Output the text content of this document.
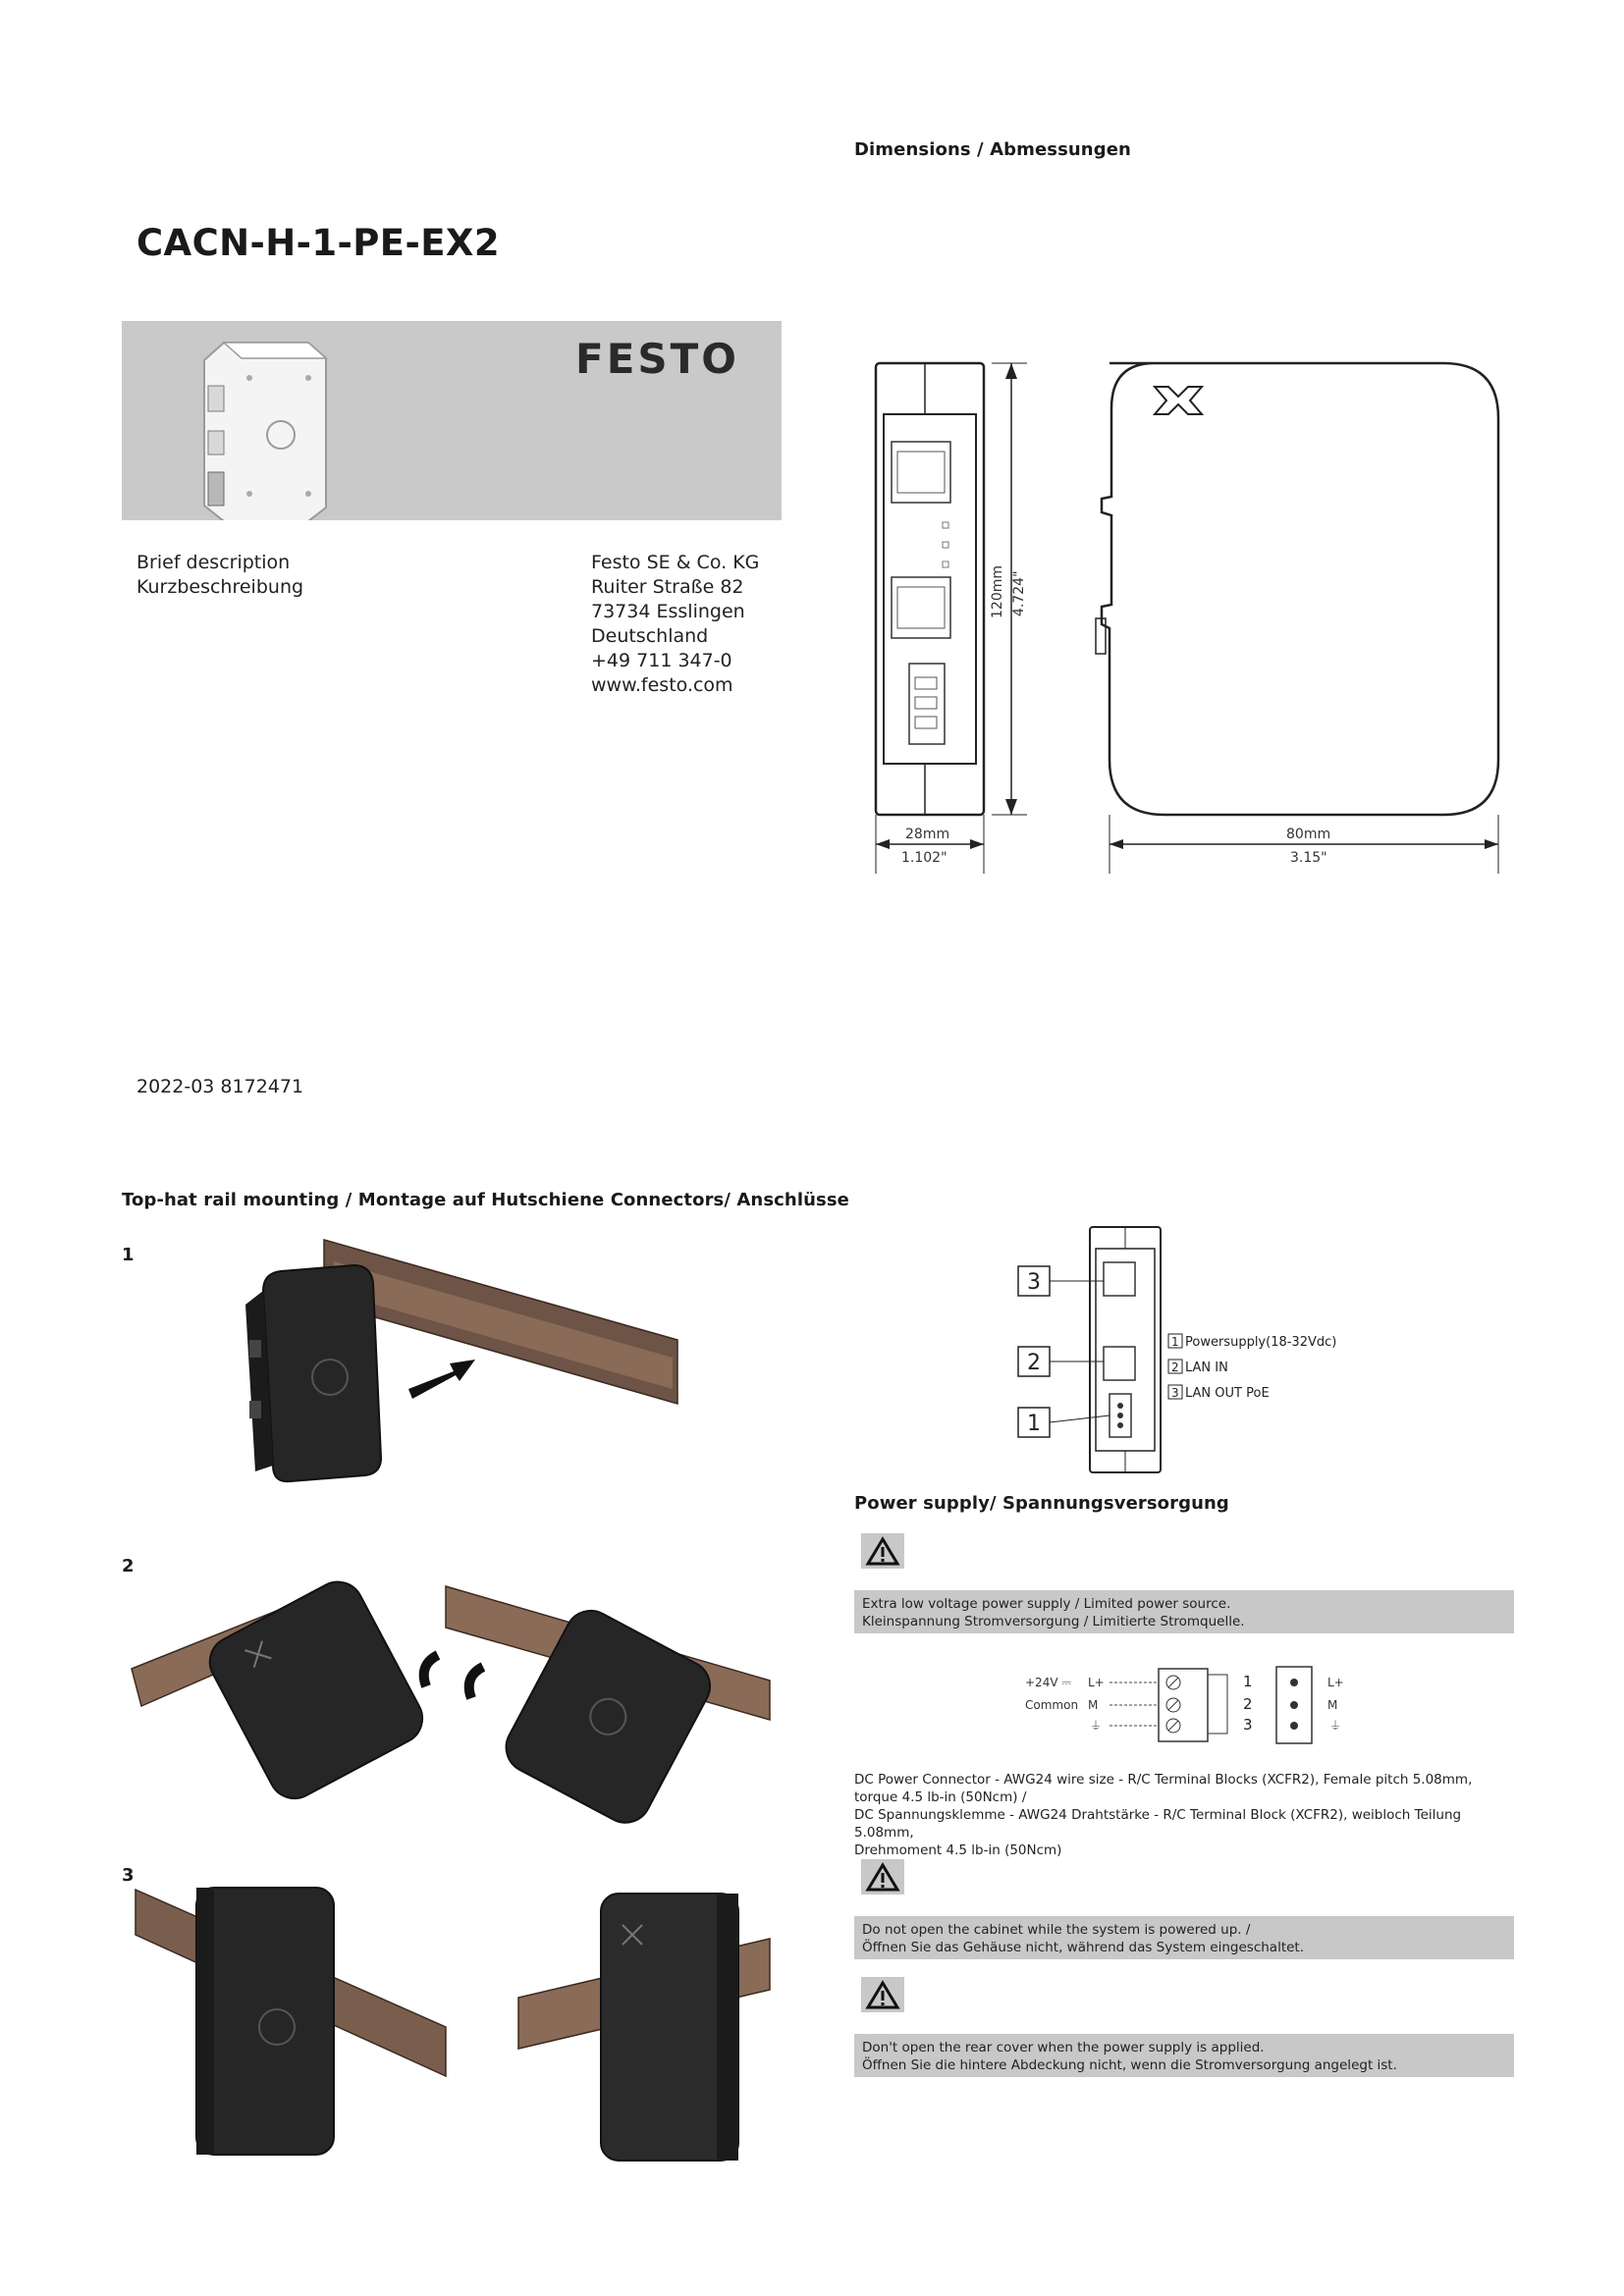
Dimensions / Abmessungen
CACN-H-1-PE-EX2
FESTO
Brief description
Kurzbeschreibung
Festo SE & Co. KG
Ruiter Straße 82
73734 Esslingen
Deutschland
+49 711 347-0
www.festo.com
2022-03 8172471
120mm 4.724"
28mm
1.102"
80mm
3.15"
Top-hat rail mounting / Montage auf Hutschiene Connectors/ Anschlüsse
1
2
3
3
2
1
1 Powersupply(18-32Vdc)
2 LAN IN
3 LAN OUT PoE
Power supply/ Spannungsversorgung
Extra low voltage power supply / Limited power source.
Kleinspannung Stromversorgung / Limitierte Stromquelle.
+24V ⎓
Common
L+
M
⏚
1
2
3
L+
M
⏚
DC Power Connector - AWG24 wire size - R/C Terminal Blocks (XCFR2), Female pitch 5.08mm,
torque 4.5 lb-in (50Ncm) /
DC Spannungsklemme - AWG24 Drahtstärke - R/C Terminal Block (XCFR2), weibloch Teilung 5.08mm,
Drehmoment 4.5 lb-in (50Ncm)
Do not open the cabinet while the system is powered up. /
Öffnen Sie das Gehäuse nicht, während das System eingeschaltet.
Don't open the rear cover when the power supply is applied.
Öffnen Sie die hintere Abdeckung nicht, wenn die Stromversorgung angelegt ist.
